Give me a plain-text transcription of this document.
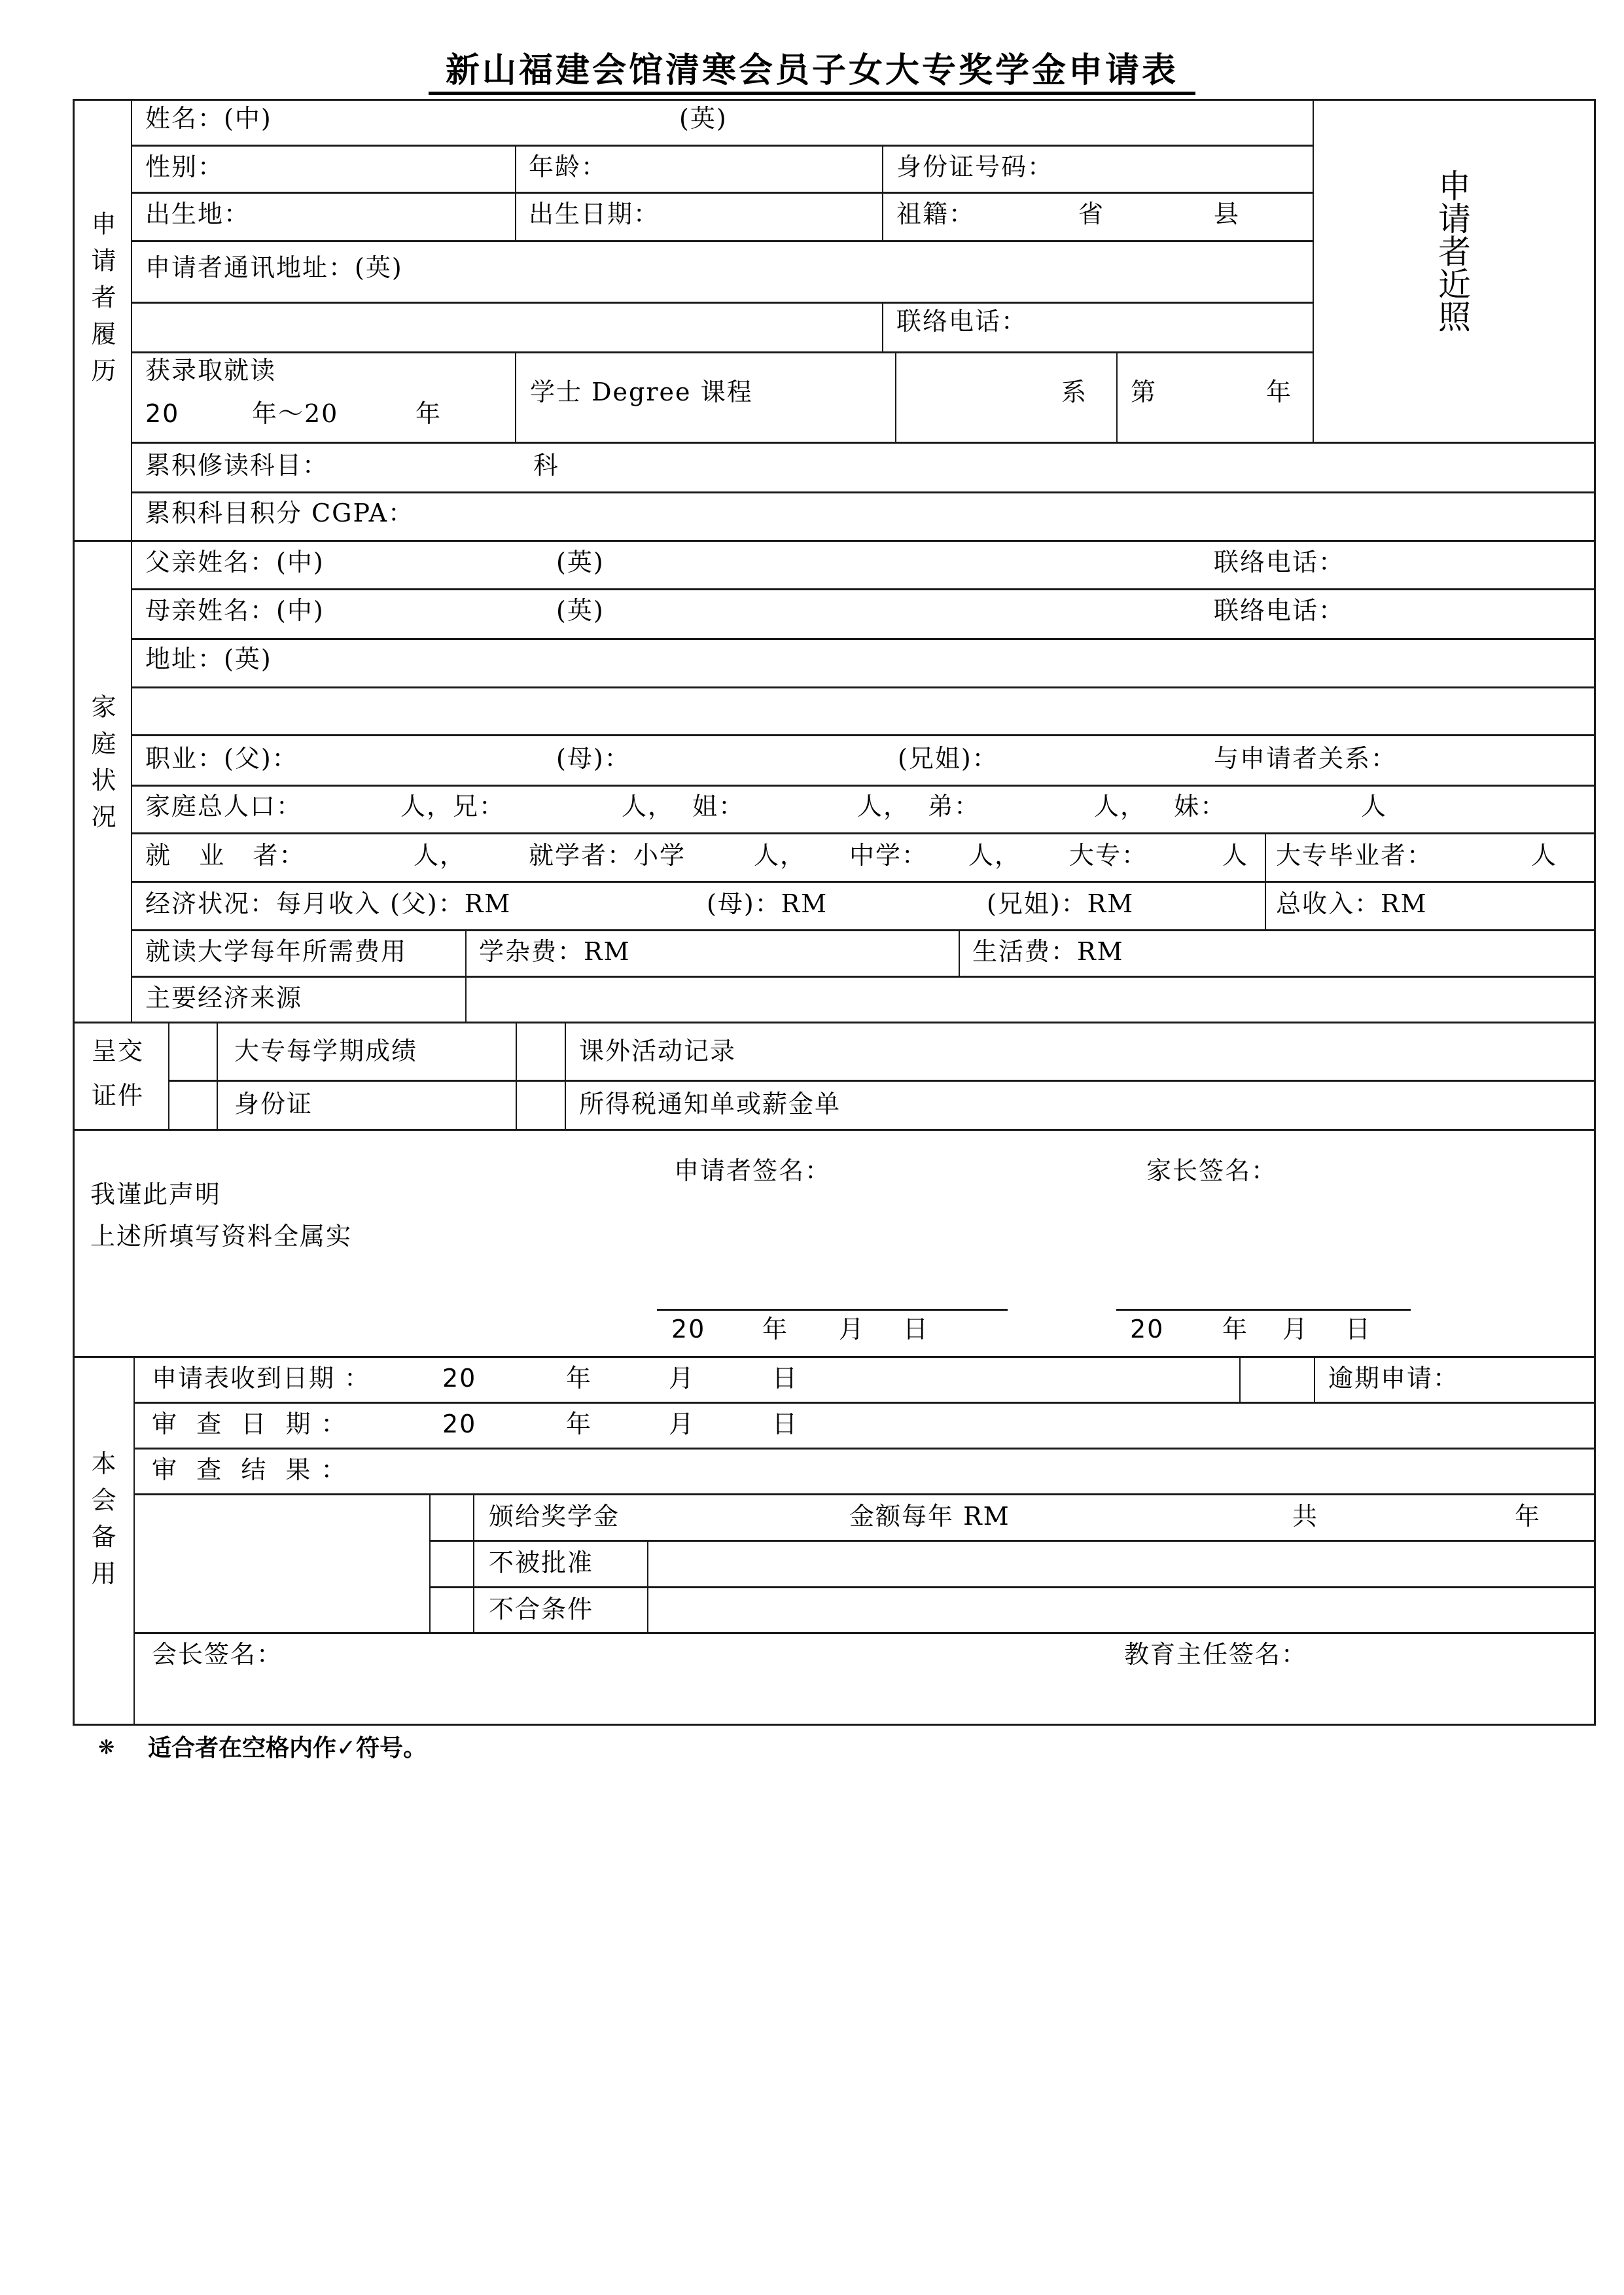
新山福建会馆清寒会员子女大专奖学金申请表
申请者履历
家庭状况
呈交
证件
本会备用
申请者近照
姓名：(中)	(英)
性别：	年龄：	身份证号码：
出生地：	出生日期：	祖籍：	省	县
申请者通讯地址：(英)
联络电话：
获录取就读
20	年～20	年
学士 Degree 课程	系 第	年
累积修读科目：	科
累积科目积分 CGPA：
父亲姓名：(中)	(英)	联络电话：
母亲姓名：(中)	(英)	联络电话：
地址：(英)
职业：(父)：	(母)：	(兄姐)：	与申请者关系：
家庭总人口：	人，兄：	人，  姐：	人，  弟：	人，   妹：	人
就   业   者：	人，	就学者：小学	人， 中学： 人， 大专：	人 大专毕业者：	人
经济状况：每月收入 (父)：RM	(母)：RM	(兄姐)：RM	总收入：RM
就读大学每年所需费用	学杂费：RM	生活费：RM
主要经济来源
大专每学期成绩	课外活动记录
身份证	所得税通知单或薪金单
我谨此声明
上述所填写资料全属实
申请者签名：	家长签名：
20 年 月 日	20 年 月 日
申请表收到日期 ：	20	年	月	日	逾期申请：
审  查  日  期 ：	20	年	月	日
审  查  结  果 ：
颁给奖学金	金额每年 RM	共	年
不被批准
不合条件
会长签名：	教育主任签名：
❋ 适合者在空格内作✓符号。
